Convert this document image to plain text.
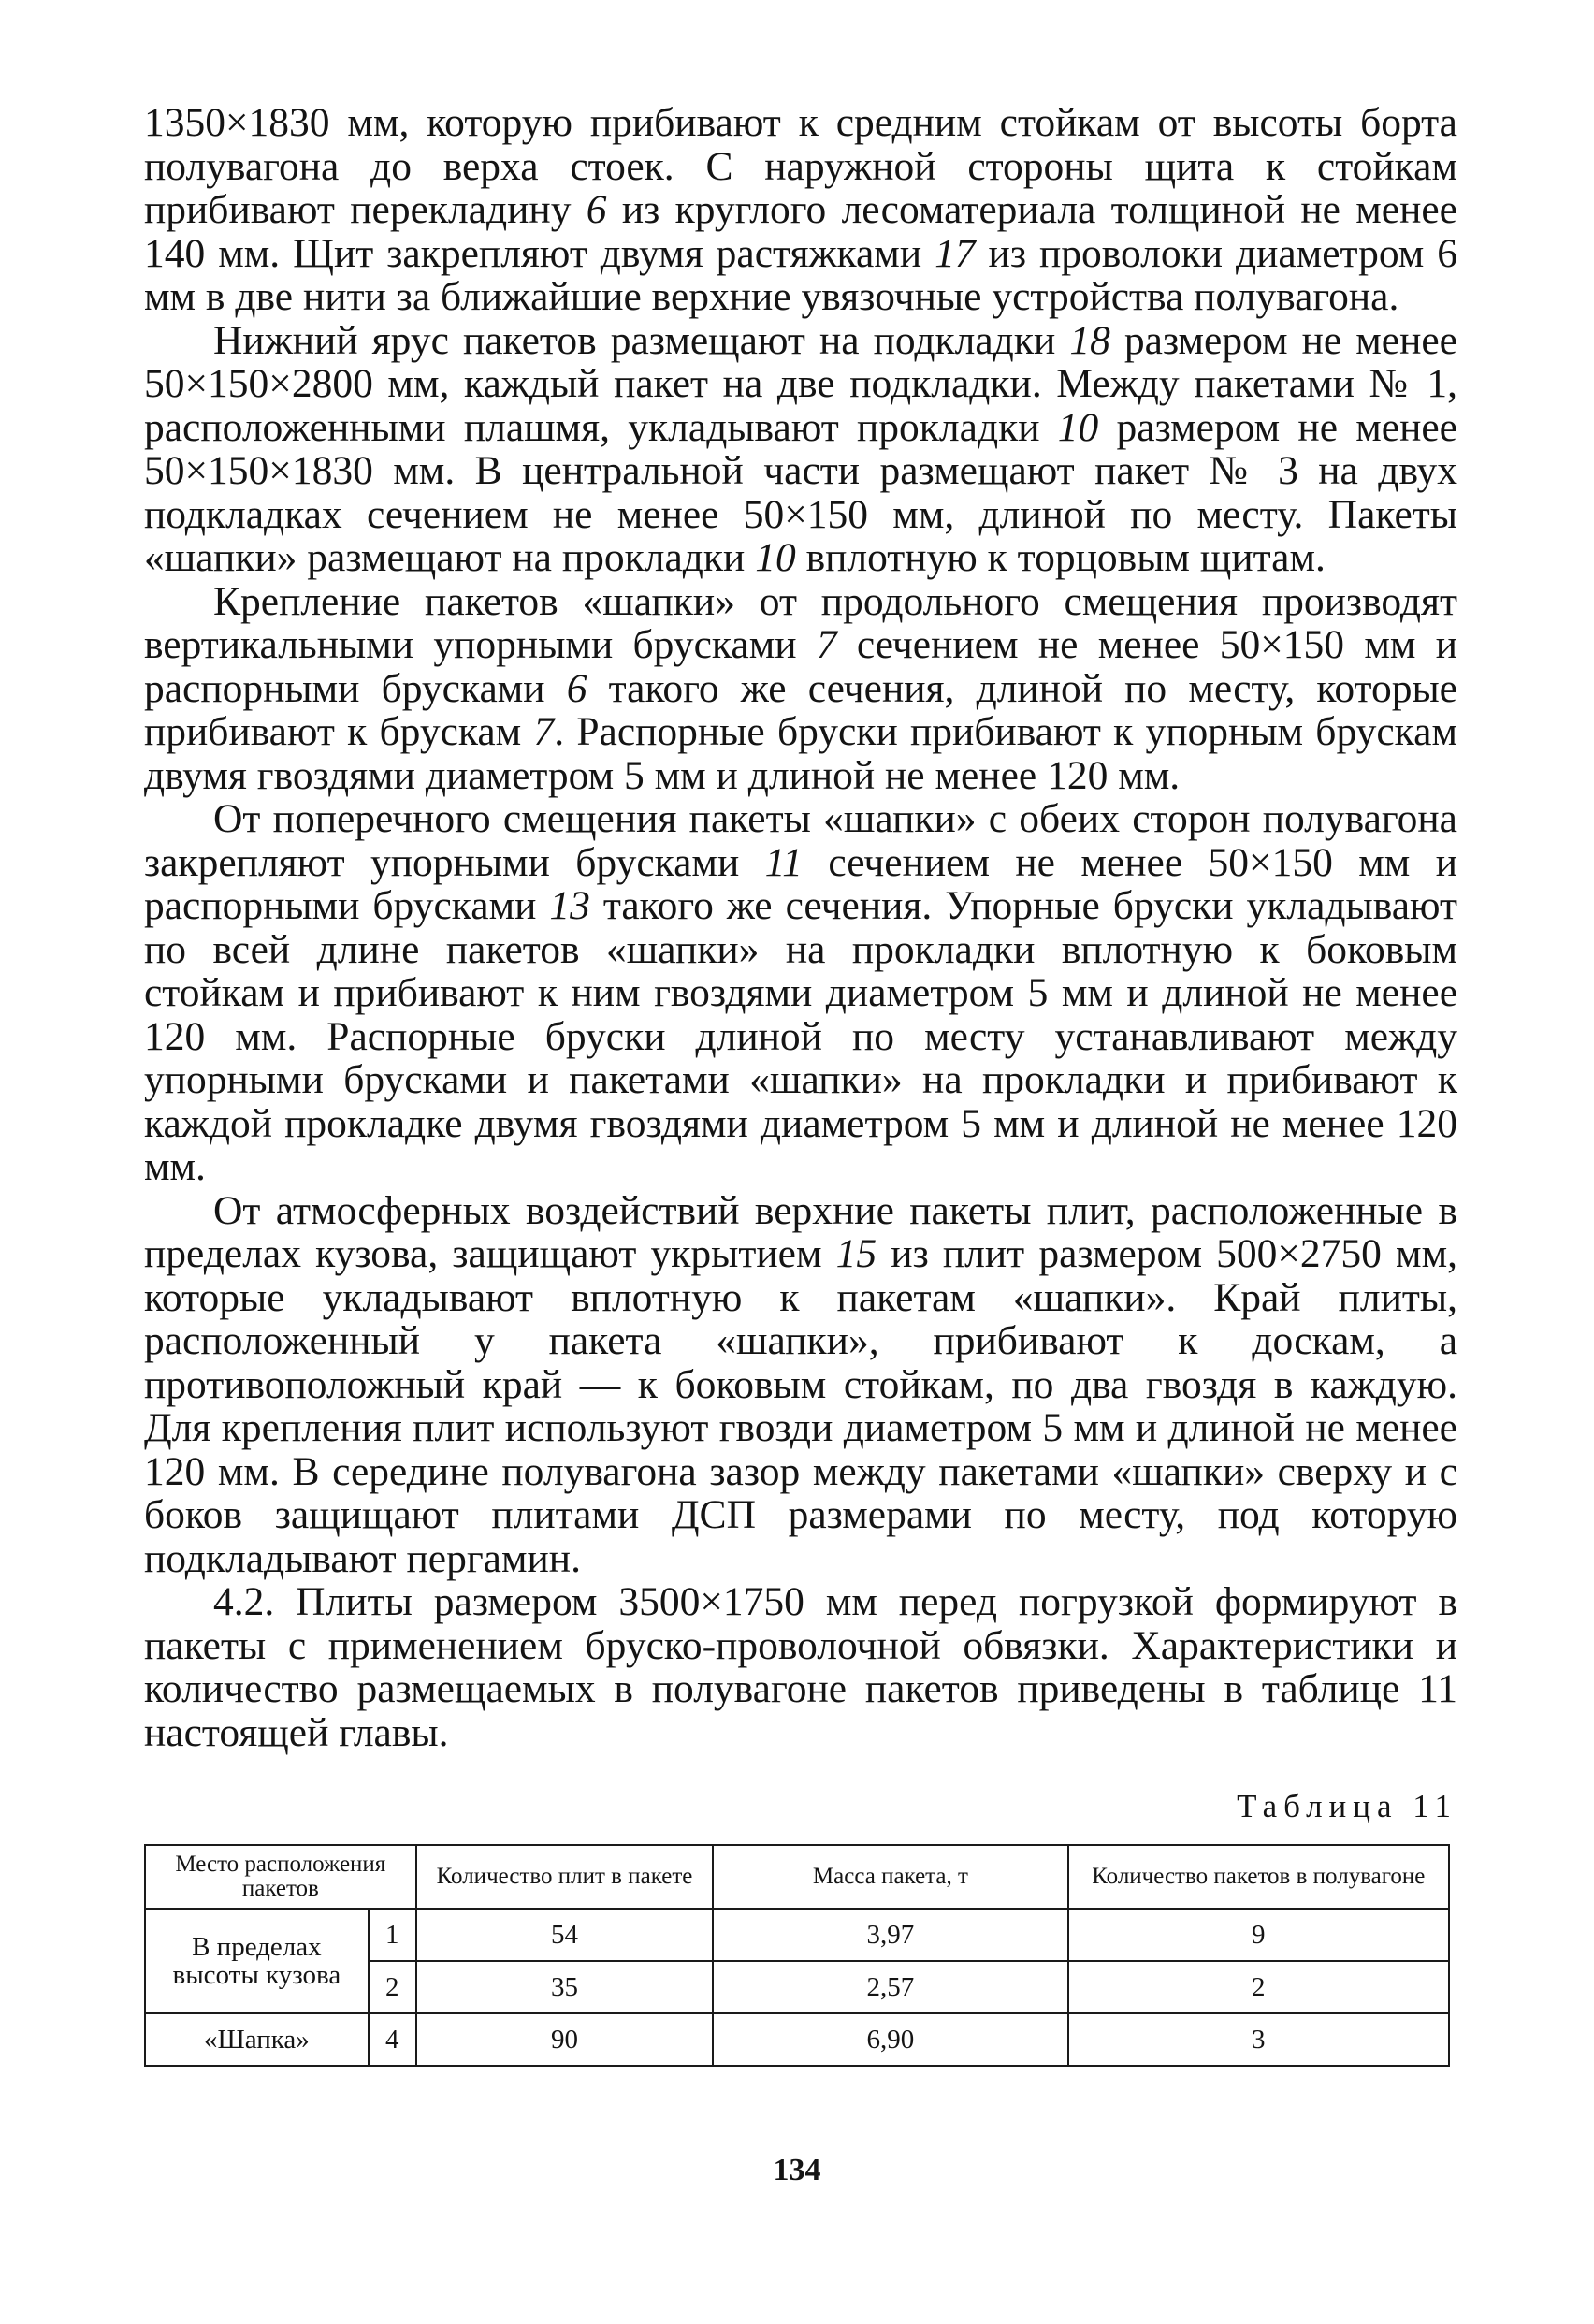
1350×1830 мм, которую прибивают к средним стойкам от высоты борта полувагона до верха стоек. С наружной стороны щита к стойкам прибивают перекладину 6 из круглого лесоматериала толщиной не менее 140 мм. Щит закрепляют двумя растяжками 17 из проволоки диаметром 6 мм в две нити за ближайшие верхние увязочные устройства полувагона.

Нижний ярус пакетов размещают на подкладки 18 размером не менее 50×150×2800 мм, каждый пакет на две подкладки. Между пакетами № 1, расположенными плашмя, укладывают прокладки 10 размером не менее 50×150×1830 мм. В центральной части размещают пакет № 3 на двух подкладках сечением не менее 50×150 мм, длиной по месту. Пакеты «шапки» размещают на прокладки 10 вплотную к торцовым щитам.

Крепление пакетов «шапки» от продольного смещения производят вертикальными упорными брусками 7 сечением не менее 50×150 мм и распорными брусками 6 такого же сечения, длиной по месту, которые прибивают к брускам 7. Распорные бруски прибивают к упорным брускам двумя гвоздями диаметром 5 мм и длиной не менее 120 мм.

От поперечного смещения пакеты «шапки» с обеих сторон полувагона закрепляют упорными брусками 11 сечением не менее 50×150 мм и распорными брусками 13 такого же сечения. Упорные бруски укладывают по всей длине пакетов «шапки» на прокладки вплотную к боковым стойкам и прибивают к ним гвоздями диаметром 5 мм и длиной не менее 120 мм. Распорные бруски длиной по месту устанавливают между упорными брусками и пакетами «шапки» на прокладки и прибивают к каждой прокладке двумя гвоздями диаметром 5 мм и длиной не менее 120 мм.

От атмосферных воздействий верхние пакеты плит, расположенные в пределах кузова, защищают укрытием 15 из плит размером 500×2750 мм, которые укладывают вплотную к пакетам «шапки». Край плиты, расположенный у пакета «шапки», прибивают к доскам, а противоположный край — к боковым стойкам, по два гвоздя в каждую. Для крепления плит используют гвозди диаметром 5 мм и длиной не менее 120 мм. В середине полувагона зазор между пакетами «шапки» сверху и с боков защищают плитами ДСП размерами по месту, под которую подкладывают пергамин.

4.2. Плиты размером 3500×1750 мм перед погрузкой формируют в пакеты с применением бруско-проволочной обвязки. Характеристики и количество размещаемых в полувагоне пакетов приведены в таблице 11 настоящей главы.

Таблица 11
Место расположения пакетов		Количество плит в пакете	Масса пакета, т	Количество пакетов в полувагоне
В пределах высоты кузова	1	54	3,97	9
	2	35	2,57	2
«Шапка»	4	90	6,90	3
134
